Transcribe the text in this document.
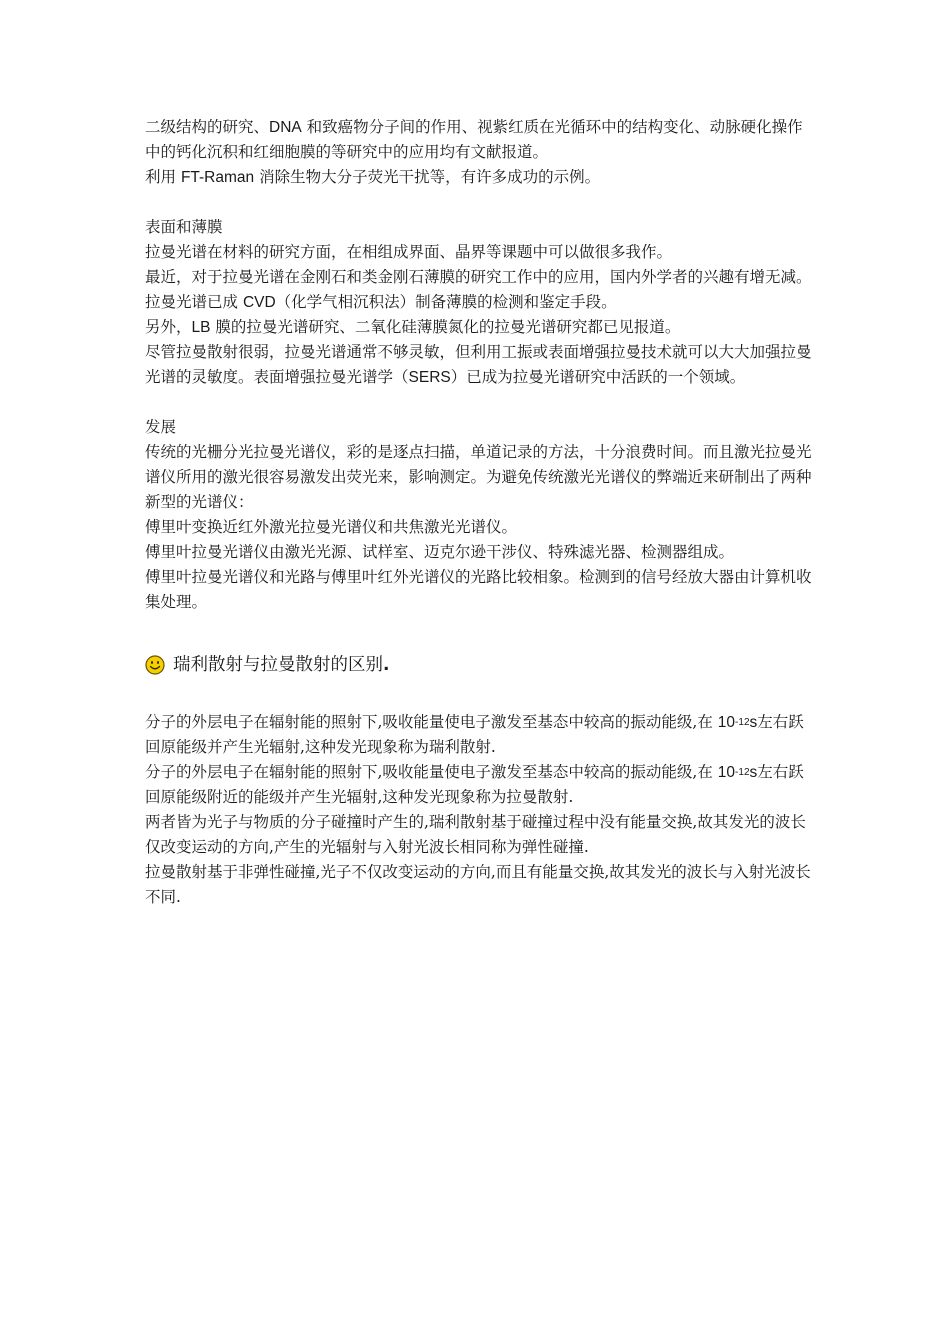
二级结构的研究、DNA 和致癌物分子间的作用、视紫红质在光循环中的结构变化、动脉硬化操作中的钙化沉积和红细胞膜的等研究中的应用均有文献报道。

利用 FT-Raman 消除生物大分子荧光干扰等，有许多成功的示例。

表面和薄膜

拉曼光谱在材料的研究方面，在相组成界面、晶界等课题中可以做很多我作。

最近，对于拉曼光谱在金刚石和类金刚石薄膜的研究工作中的应用，国内外学者的兴趣有增无减。

拉曼光谱已成 CVD（化学气相沉积法）制备薄膜的检测和鉴定手段。

另外，LB 膜的拉曼光谱研究、二氧化硅薄膜氮化的拉曼光谱研究都已见报道。

尽管拉曼散射很弱，拉曼光谱通常不够灵敏，但利用工振或表面增强拉曼技术就可以大大加强拉曼光谱的灵敏度。表面增强拉曼光谱学（SERS）已成为拉曼光谱研究中活跃的一个领域。

发展

传统的光栅分光拉曼光谱仪，彩的是逐点扫描，单道记录的方法，十分浪费时间。而且激光拉曼光谱仪所用的激光很容易激发出荧光来，影响测定。为避免传统激光光谱仪的弊端近来研制出了两种新型的光谱仪：

傅里叶变换近红外激光拉曼光谱仪和共焦激光光谱仪。

傅里叶拉曼光谱仪由激光光源、试样室、迈克尔逊干涉仪、特殊滤光器、检测器组成。

傅里叶拉曼光谱仪和光路与傅里叶红外光谱仪的光路比较相象。检测到的信号经放大器由计算机收集处理。

瑞利散射与拉曼散射的区别 .

分子的外层电子在辐射能的照射下,吸收能量使电子激发至基态中较高的振动能级,在 $10^{-12}s$左右跃回原能级并产生光辐射,这种发光现象称为瑞利散射.

分子的外层电子在辐射能的照射下,吸收能量使电子激发至基态中较高的振动能级,在 $10^{-12}s$左右跃回原能级附近的能级并产生光辐射,这种发光现象称为拉曼散射.

两者皆为光子与物质的分子碰撞时产生的,瑞利散射基于碰撞过程中没有能量交换,故其发光的波长仅改变运动的方向,产生的光辐射与入射光波长相同称为弹性碰撞.

拉曼散射基于非弹性碰撞,光子不仅改变运动的方向,而且有能量交换,故其发光的波长与入射光波长不同.
